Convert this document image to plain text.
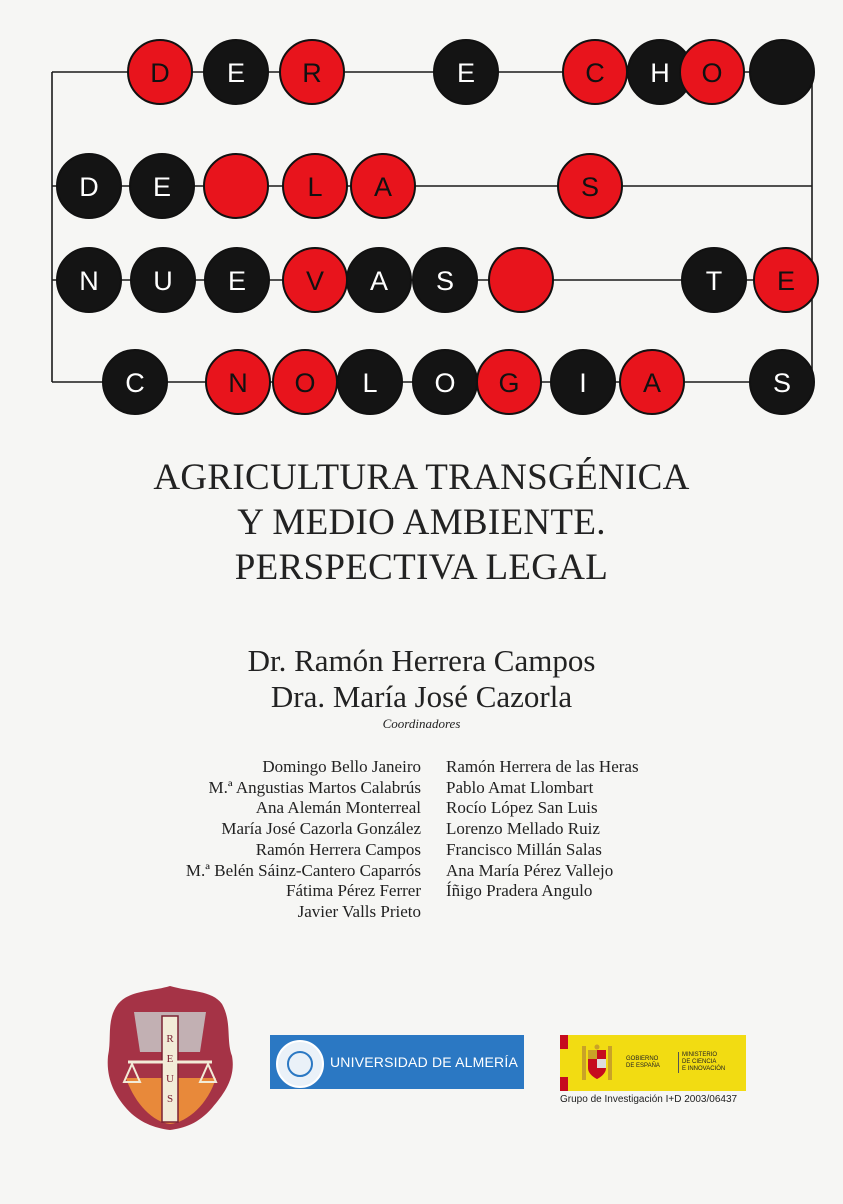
D E R	E	C H O
D E	L A	S
N U E V A S	T E
C	N O L O G I A	S
AGRICULTURA TRANSGÉNICA
Y MEDIO AMBIENTE.
PERSPECTIVA LEGAL
Dr. Ramón Herrera Campos
Dra. María José Cazorla
Coordinadores
Domingo Bello Janeiro
M.ª Angustias Martos Calabrús
Ana Alemán Monterreal
María José Cazorla González
Ramón Herrera Campos
M.ª Belén Sáinz-Cantero Caparrós
Fátima Pérez Ferrer
Javier Valls Prieto
Ramón Herrera de las Heras
Pablo Amat Llombart
Rocío López San Luis
Lorenzo Mellado Ruiz
Francisco Millán Salas
Ana María Pérez Vallejo
Íñigo Pradera Angulo
R
E
U
S
UNIVERSIDAD DE ALMERÍA	GOBIERNO
DE ESPAÑA
MINISTERIO
DE CIENCIA
E INNOVACIÓN
Grupo de Investigación I+D 2003/06437
